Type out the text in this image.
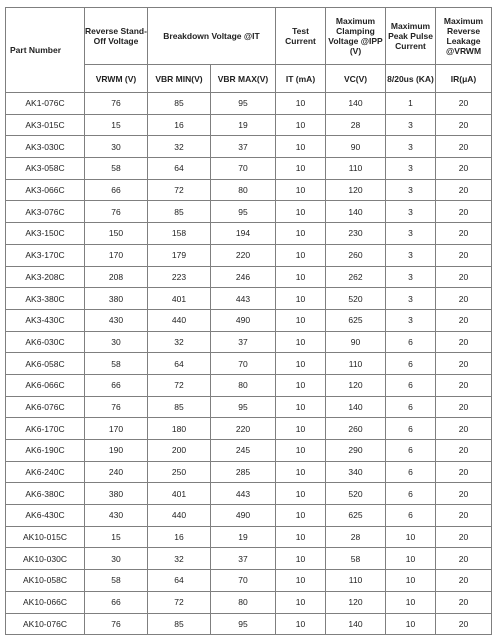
Part Number	Reverse Stand-Off Voltage	Breakdown Voltage @IT		Test Current	Maximum Clamping Voltage @IPP (V)	Maximum Peak Pulse Current	Maximum Reverse Leakage @VRWM
	VRWM (V)	VBR MIN(V)	VBR MAX(V)	IT (mA)	VC(V)	8/20us (KA)	IR(μA)
AK1-076C	76	85	95	10	140	1	20
AK3-015C	15	16	19	10	28	3	20
AK3-030C	30	32	37	10	90	3	20
AK3-058C	58	64	70	10	110	3	20
AK3-066C	66	72	80	10	120	3	20
AK3-076C	76	85	95	10	140	3	20
AK3-150C	150	158	194	10	230	3	20
AK3-170C	170	179	220	10	260	3	20
AK3-208C	208	223	246	10	262	3	20
AK3-380C	380	401	443	10	520	3	20
AK3-430C	430	440	490	10	625	3	20
AK6-030C	30	32	37	10	90	6	20
AK6-058C	58	64	70	10	110	6	20
AK6-066C	66	72	80	10	120	6	20
AK6-076C	76	85	95	10	140	6	20
AK6-170C	170	180	220	10	260	6	20
AK6-190C	190	200	245	10	290	6	20
AK6-240C	240	250	285	10	340	6	20
AK6-380C	380	401	443	10	520	6	20
AK6-430C	430	440	490	10	625	6	20
AK10-015C	15	16	19	10	28	10	20
AK10-030C	30	32	37	10	58	10	20
AK10-058C	58	64	70	10	110	10	20
AK10-066C	66	72	80	10	120	10	20
AK10-076C	76	85	95	10	140	10	20
